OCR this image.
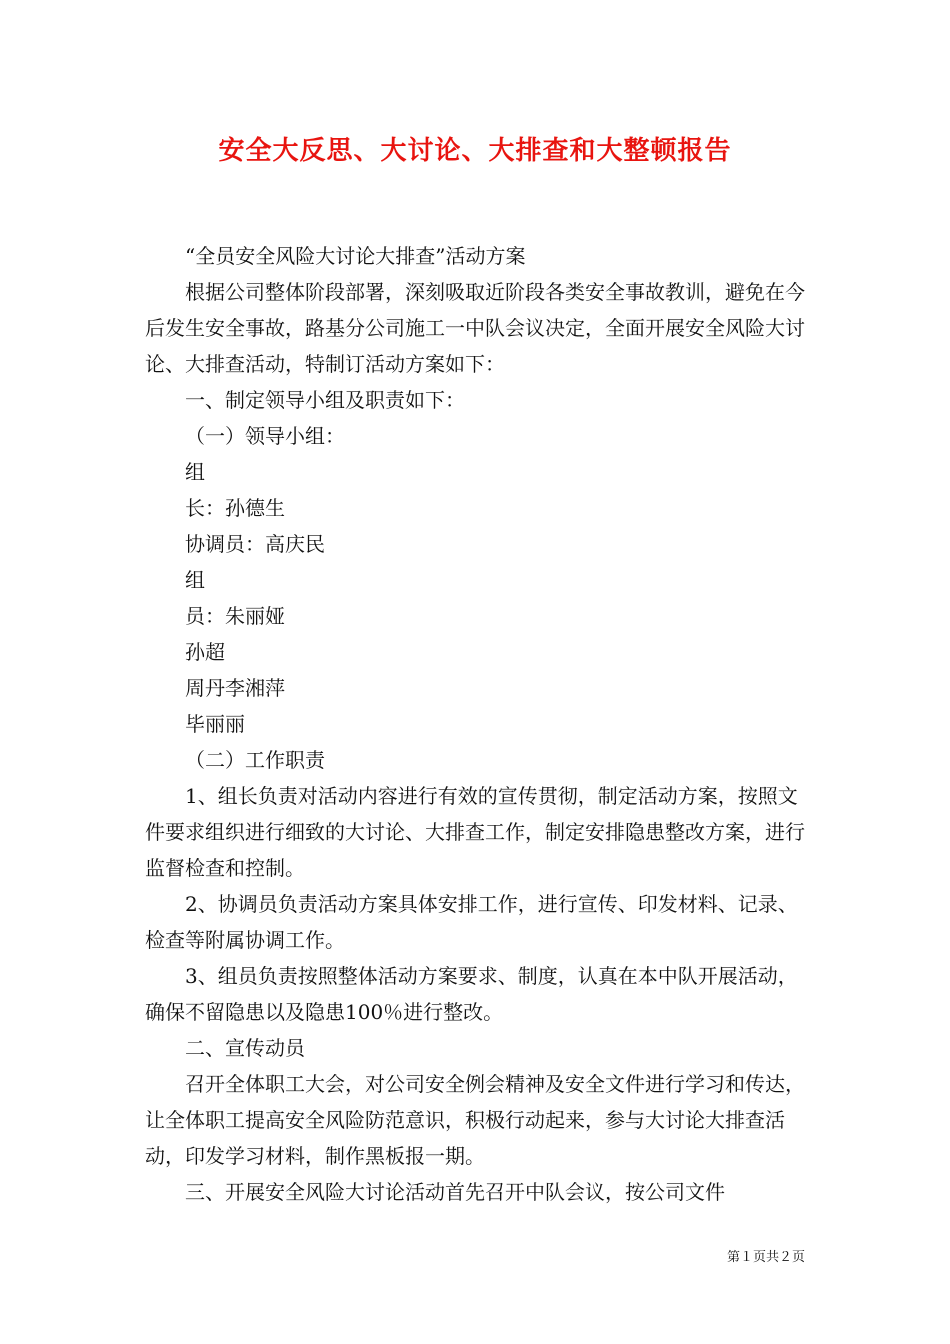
安全大反思、大讨论、大排查和大整顿报告

“全员安全风险大讨论大排查”活动方案

根据公司整体阶段部署，深刻吸取近阶段各类安全事故教训，避免在今后发生安全事故，路基分公司施工一中队会议决定，全面开展安全风险大讨论、大排查活动，特制订活动方案如下：

一、制定领导小组及职责如下：

（一）领导小组：

组

长：孙德生

协调员：高庆民

组

员：朱丽娅

孙超

周丹李湘萍

毕丽丽

（二）工作职责

1、组长负责对活动内容进行有效的宣传贯彻，制定活动方案，按照文件要求组织进行细致的大讨论、大排查工作，制定安排隐患整改方案，进行监督检查和控制。

2、协调员负责活动方案具体安排工作，进行宣传、印发材料、记录、检查等附属协调工作。

3、组员负责按照整体活动方案要求、制度，认真在本中队开展活动，确保不留隐患以及隐患100％进行整改。

二、宣传动员

召开全体职工大会，对公司安全例会精神及安全文件进行学习和传达，让全体职工提高安全风险防范意识，积极行动起来，参与大讨论大排查活动，印发学习材料，制作黑板报一期。

三、开展安全风险大讨论活动首先召开中队会议，按公司文件

第１页共２页
